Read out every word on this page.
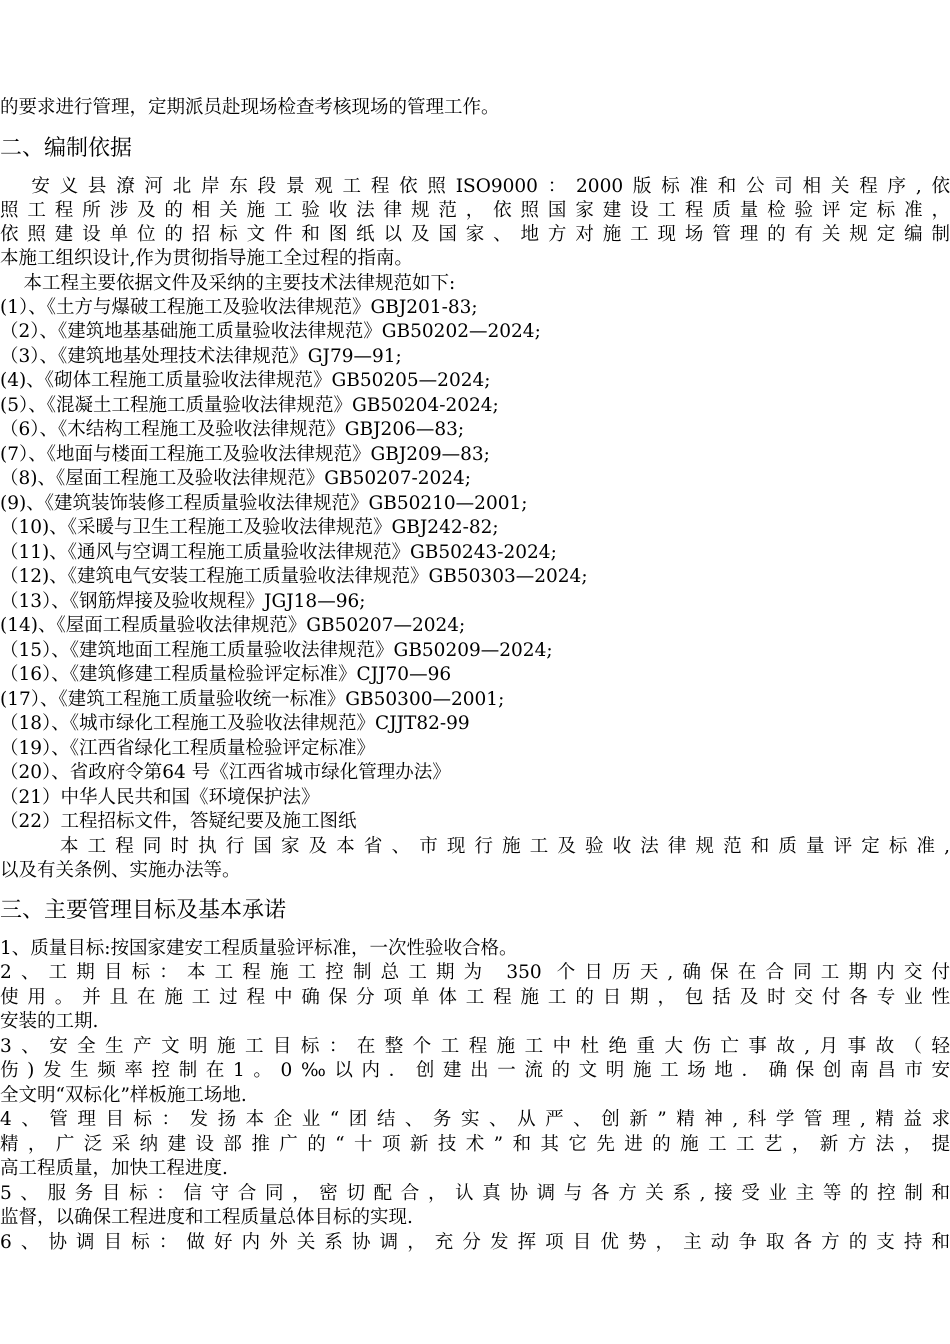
的要求进行管理，定期派员赴现场检查考核现场的管理工作。
二、编制依据
安义县潦河北岸东段景观工程依照ISO9000：2000版标准和公司相关程序,依
照工程所涉及的相关施工验收法律规范，依照国家建设工程质量检验评定标准，
依照建设单位的招标文件和图纸以及国家、地方对施工现场管理的有关规定编制
本施工组织设计,作为贯彻指导施工全过程的指南。
本工程主要依据文件及采纳的主要技术法律规范如下:
(1）、《土方与爆破工程施工及验收法律规范》GBJ201-83;
（2）、《建筑地基基础施工质量验收法律规范》GB50202—2024;
（3）、《建筑地基处理技术法律规范》GJ79—91;
(4)、《砌体工程施工质量验收法律规范》GB50205—2024;
(5）、《混凝土工程施工质量验收法律规范》GB50204-2024;
（6）、《木结构工程施工及验收法律规范》GBJ206—83;
(7）、《地面与楼面工程施工及验收法律规范》GBJ209—83;
（8)、《屋面工程施工及验收法律规范》GB50207-2024;
(9)、《建筑装饰装修工程质量验收法律规范》GB50210—2001;
（10)、《采暖与卫生工程施工及验收法律规范》GBJ242-82;
（11)、《通风与空调工程施工质量验收法律规范》GB50243-2024;
（12)、《建筑电气安装工程施工质量验收法律规范》GB50303—2024;
（13）、《钢筋焊接及验收规程》JGJ18—96;
(14)、《屋面工程质量验收法律规范》GB50207—2024;
（15）、《建筑地面工程施工质量验收法律规范》GB50209—2024;
（16）、《建筑修建工程质量检验评定标准》CJJ70—96
(17）、《建筑工程施工质量验收统一标准》GB50300—2001;
（18）、《城市绿化工程施工及验收法律规范》CJJT82-99
（19）、《江西省绿化工程质量检验评定标准》
（20）、省政府令第64 号《江西省城市绿化管理办法》
（21）中华人民共和国《环境保护法》
（22）工程招标文件，答疑纪要及施工图纸
本工程同时执行国家及本省、市现行施工及验收法律规范和质量评定标准,
以及有关条例、实施办法等。
三、主要管理目标及基本承诺
1、质量目标:按国家建安工程质量验评标准，一次性验收合格。
2、工期目标：本工程施工控制总工期为 350 个日历天,确保在合同工期内交付
使用。并且在施工过程中确保分项单体工程施工的日期，包括及时交付各专业性
安装的工期.
3、安全生产文明施工目标：在整个工程施工中杜绝重大伤亡事故,月事故（轻
伤)发生频率控制在1。0‰以内．创建出一流的文明施工场地．确保创南昌市安
全文明“双标化”样板施工场地.
4、管理目标：发扬本企业“团结、务实、从严、创新”精神,科学管理,精益求
精，广泛采纳建设部推广的“十项新技术”和其它先进的施工工艺，新方法，提
高工程质量，加快工程进度.
5、服务目标：信守合同，密切配合，认真协调与各方关系,接受业主等的控制和
监督，以确保工程进度和工程质量总体目标的实现.
6、协调目标：做好内外关系协调，充分发挥项目优势，主动争取各方的支持和
